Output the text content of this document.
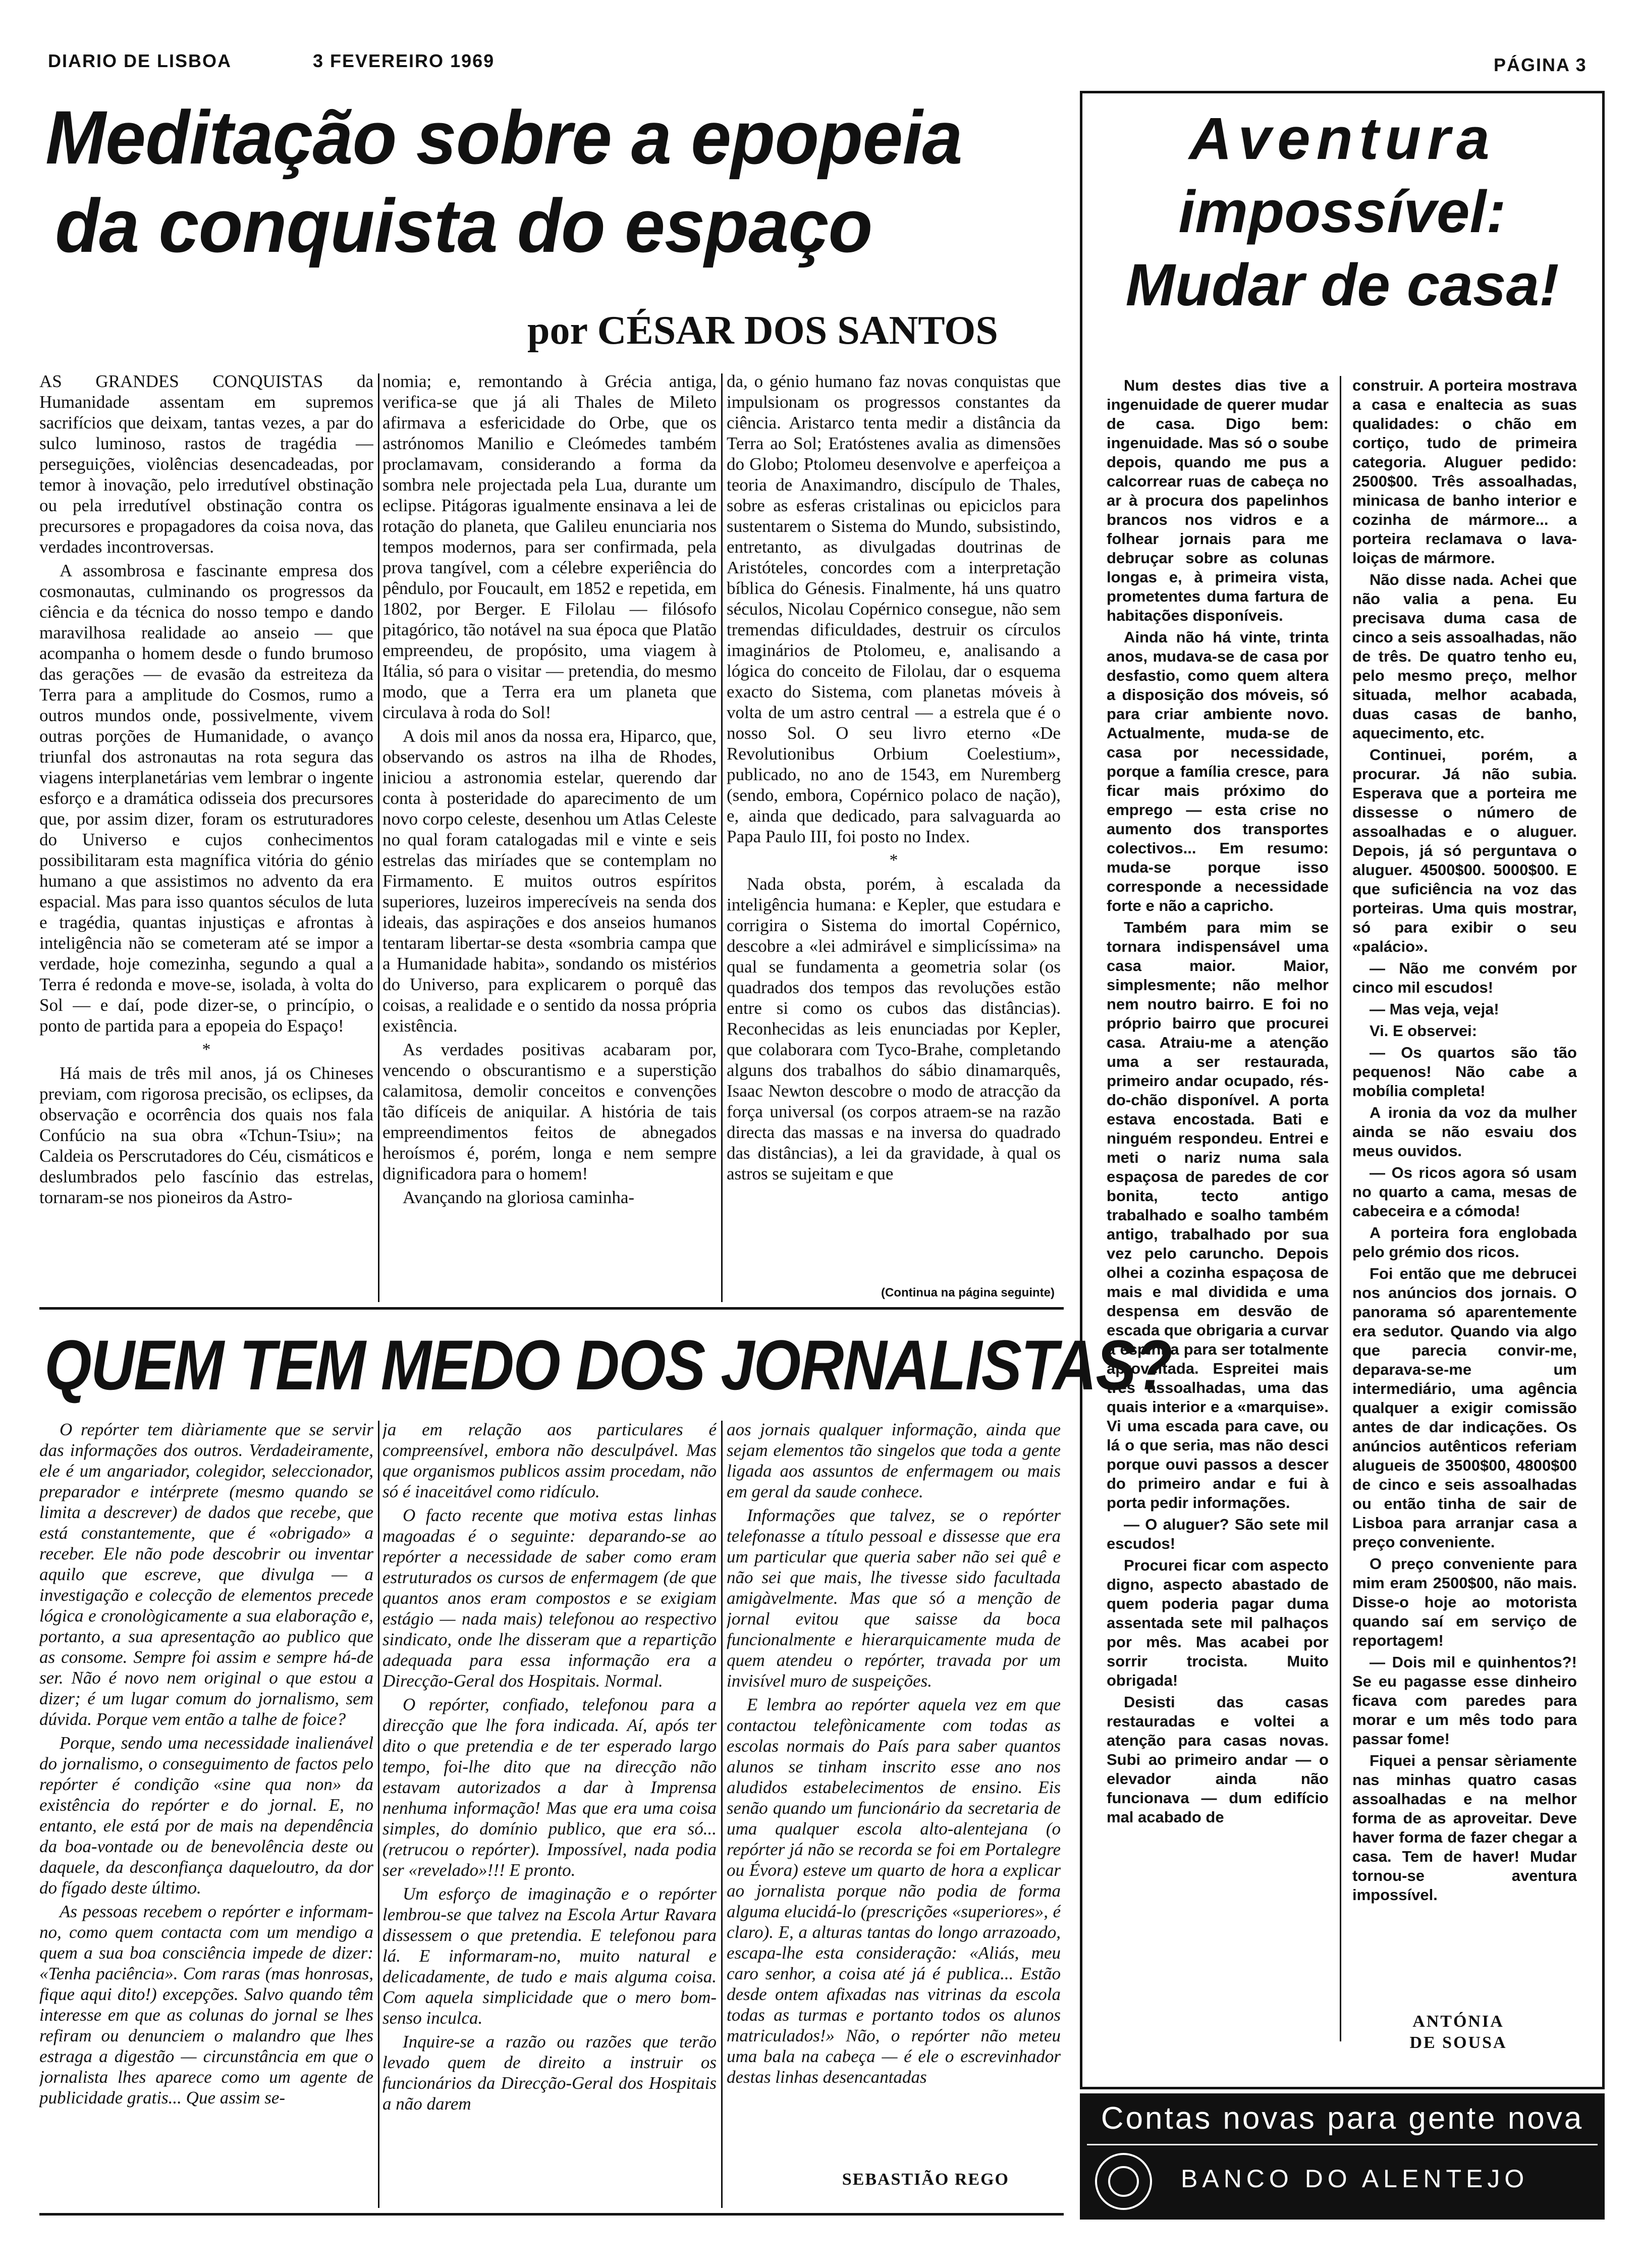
DIARIO DE LISBOA	3 FEVEREIRO 1969	PÁGINA 3
Meditação sobre a epopeia
da conquista do espaço
por CÉSAR DOS SANTOS

AS GRANDES CONQUISTAS da Humanidade assentam em supremos sacrifícios que deixam, tantas vezes, a par do sulco luminoso, rastos de tragédia — perseguições, violências desencadeadas, por temor à inovação, pelo irredutível obstinação ou pela irredutível obstinação contra os precursores e propagadores da coisa nova, das verdades incontroversas.

A assombrosa e fascinante empresa dos cosmonautas, culminando os progressos da ciência e da técnica do nosso tempo e dando maravilhosa realidade ao anseio — que acompanha o homem desde o fundo brumoso das gerações — de evasão da estreiteza da Terra para a amplitude do Cosmos, rumo a outros mundos onde, possivelmente, vivem outras porções de Humanidade, o avanço triunfal dos astronautas na rota segura das viagens interplanetárias vem lembrar o ingente esforço e a dramática odisseia dos precursores que, por assim dizer, foram os estruturadores do Universo e cujos conhecimentos possibilitaram esta magnífica vitória do génio humano a que assistimos no advento da era espacial. Mas para isso quantos séculos de luta e tragédia, quantas injustiças e afrontas à inteligência não se cometeram até se impor a verdade, hoje comezinha, segundo a qual a Terra é redonda e move-se, isolada, à volta do Sol — e daí, pode dizer-se, o princípio, o ponto de partida para a epopeia do Espaço!

*

Há mais de três mil anos, já os Chineses previam, com rigorosa precisão, os eclipses, da observação e ocorrência dos quais nos fala Confúcio na sua obra «Tchun-Tsiu»; na Caldeia os Perscrutadores do Céu, cismáticos e deslumbrados pelo fascínio das estrelas, tornaram-se nos pioneiros da Astro-

nomia; e, remontando à Grécia antiga, verifica-se que já ali Thales de Mileto afirmava a esfericidade do Orbe, que os astrónomos Manilio e Cleómedes também proclamavam, considerando a forma da sombra nele projectada pela Lua, durante um eclipse. Pitágoras igualmente ensinava a lei de rotação do planeta, que Galileu enunciaria nos tempos modernos, para ser confirmada, pela prova tangível, com a célebre experiência do pêndulo, por Foucault, em 1852 e repetida, em 1802, por Berger. E Filolau — filósofo pitagórico, tão notável na sua época que Platão empreendeu, de propósito, uma viagem à Itália, só para o visitar — pretendia, do mesmo modo, que a Terra era um planeta que circulava à roda do Sol!

A dois mil anos da nossa era, Hiparco, que, observando os astros na ilha de Rhodes, iniciou a astronomia estelar, querendo dar conta à posteridade do aparecimento de um novo corpo celeste, desenhou um Atlas Celeste no qual foram catalogadas mil e vinte e seis estrelas das miríades que se contemplam no Firmamento. E muitos outros espíritos superiores, luzeiros imperecíveis na senda dos ideais, das aspirações e dos anseios humanos tentaram libertar-se desta «sombria campa que a Humanidade habita», sondando os mistérios do Universo, para explicarem o porquê das coisas, a realidade e o sentido da nossa própria existência.

As verdades positivas acabaram por, vencendo o obscurantismo e a superstição calamitosa, demolir conceitos e convenções tão difíceis de aniquilar. A história de tais empreendimentos feitos de abnegados heroísmos é, porém, longa e nem sempre dignificadora para o homem!

Avançando na gloriosa caminha-

da, o génio humano faz novas conquistas que impulsionam os progressos constantes da ciência. Aristarco tenta medir a distância da Terra ao Sol; Eratóstenes avalia as dimensões do Globo; Ptolomeu desenvolve e aperfeiçoa a teoria de Anaximandro, discípulo de Thales, sobre as esferas cristalinas ou epiciclos para sustentarem o Sistema do Mundo, subsistindo, entretanto, as divulgadas doutrinas de Aristóteles, concordes com a interpretação bíblica do Génesis. Finalmente, há uns quatro séculos, Nicolau Copérnico consegue, não sem tremendas dificuldades, destruir os círculos imaginários de Ptolomeu, e, analisando a lógica do conceito de Filolau, dar o esquema exacto do Sistema, com planetas móveis à volta de um astro central — a estrela que é o nosso Sol. O seu livro eterno «De Revolutionibus Orbium Coelestium», publicado, no ano de 1543, em Nuremberg (sendo, embora, Copérnico polaco de nação), e, ainda que dedicado, para salvaguarda ao Papa Paulo III, foi posto no Index.

*

Nada obsta, porém, à escalada da inteligência humana: e Kepler, que estudara e corrigira o Sistema do imortal Copérnico, descobre a «lei admirável e simplicíssima» na qual se fundamenta a geometria solar (os quadrados dos tempos das revoluções estão entre si como os cubos das distâncias). Reconhecidas as leis enunciadas por Kepler, que colaborara com Tyco-Brahe, completando alguns dos trabalhos do sábio dinamarquês, Isaac Newton descobre o modo de atracção da força universal (os corpos atraem-se na razão directa das massas e na inversa do quadrado das distâncias), a lei da gravidade, à qual os astros se sujeitam e que

(Continua na página seguinte)
QUEM TEM MEDO DOS JORNALISTAS?

O repórter tem diàriamente que se servir das informações dos outros. Verdadeiramente, ele é um angariador, colegidor, seleccionador, preparador e intérprete (mesmo quando se limita a descrever) de dados que recebe, que está constantemente, que é «obrigado» a receber. Ele não pode descobrir ou inventar aquilo que escreve, que divulga — a investigação e colecção de elementos precede lógica e cronològicamente a sua elaboração e, portanto, a sua apresentação ao publico que as consome. Sempre foi assim e sempre há-de ser. Não é novo nem original o que estou a dizer; é um lugar comum do jornalismo, sem dúvida. Porque vem então a talhe de foice?

Porque, sendo uma necessidade inalienável do jornalismo, o conseguimento de factos pelo repórter é condição «sine qua non» da existência do repórter e do jornal. E, no entanto, ele está por de mais na dependência da boa-vontade ou de benevolência deste ou daquele, da desconfiança daqueloutro, da dor do fígado deste último.

As pessoas recebem o repórter e informam-no, como quem contacta com um mendigo a quem a sua boa consciência impede de dizer: «Tenha paciência». Com raras (mas honrosas, fique aqui dito!) excepções. Salvo quando têm interesse em que as colunas do jornal se lhes refiram ou denunciem o malandro que lhes estraga a digestão — circunstância em que o jornalista lhes aparece como um agente de publicidade gratis... Que assim se-

ja em relação aos particulares é compreensível, embora não desculpável. Mas que organismos publicos assim procedam, não só é inaceitável como ridículo.

O facto recente que motiva estas linhas magoadas é o seguinte: deparando-se ao repórter a necessidade de saber como eram estruturados os cursos de enfermagem (de que quantos anos eram compostos e se exigiam estágio — nada mais) telefonou ao respectivo sindicato, onde lhe disseram que a repartição adequada para essa informação era a Direcção-Geral dos Hospitais. Normal.

O repórter, confiado, telefonou para a direcção que lhe fora indicada. Aí, após ter dito o que pretendia e de ter esperado largo tempo, foi-lhe dito que na direcção não estavam autorizados a dar à Imprensa nenhuma informação! Mas que era uma coisa simples, do domínio publico, que era só... (retrucou o repórter). Impossível, nada podia ser «revelado»!!! E pronto.

Um esforço de imaginação e o repórter lembrou-se que talvez na Escola Artur Ravara dissessem o que pretendia. E telefonou para lá. E informaram-no, muito natural e delicadamente, de tudo e mais alguma coisa. Com aquela simplicidade que o mero bom-senso inculca.

Inquire-se a razão ou razões que terão levado quem de direito a instruir os funcionários da Direcção-Geral dos Hospitais a não darem

aos jornais qualquer informação, ainda que sejam elementos tão singelos que toda a gente ligada aos assuntos de enfermagem ou mais em geral da saude conhece.

Informações que talvez, se o repórter telefonasse a título pessoal e dissesse que era um particular que queria saber não sei quê e não sei que mais, lhe tivesse sido facultada amigàvelmente. Mas que só a menção de jornal evitou que saisse da boca funcionalmente e hierarquicamente muda de quem atendeu o repórter, travada por um invisível muro de suspeições.

E lembra ao repórter aquela vez em que contactou telefònicamente com todas as escolas normais do País para saber quantos alunos se tinham inscrito esse ano nos aludidos estabelecimentos de ensino. Eis senão quando um funcionário da secretaria de uma qualquer escola alto-alentejana (o repórter já não se recorda se foi em Portalegre ou Évora) esteve um quarto de hora a explicar ao jornalista porque não podia de forma alguma elucidá-lo (prescrições «superiores», é claro). E, a alturas tantas do longo arrazoado, escapa-lhe esta consideração: «Aliás, meu caro senhor, a coisa até já é publica... Estão desde ontem afixadas nas vitrinas da escola todas as turmas e portanto todos os alunos matriculados!» Não, o repórter não meteu uma bala na cabeça — é ele o escrevinhador destas linhas desencantadas

SEBASTIÃO REGO
Aventura
impossível:
Mudar de casa!

Num destes dias tive a ingenuidade de querer mudar de casa. Digo bem: ingenuidade. Mas só o soube depois, quando me pus a calcorrear ruas de cabeça no ar à procura dos papelinhos brancos nos vidros e a folhear jornais para me debruçar sobre as colunas longas e, à primeira vista, prometentes duma fartura de habitações disponíveis.

Ainda não há vinte, trinta anos, mudava-se de casa por desfastio, como quem altera a disposição dos móveis, só para criar ambiente novo. Actualmente, muda-se de casa por necessidade, porque a família cresce, para ficar mais próximo do emprego — esta crise no aumento dos transportes colectivos... Em resumo: muda-se porque isso corresponde a necessidade forte e não a capricho.

Também para mim se tornara indispensável uma casa maior. Maior, simplesmente; não melhor nem noutro bairro. E foi no próprio bairro que procurei casa. Atraiu-me a atenção uma a ser restaurada, primeiro andar ocupado, rés-do-chão disponível. A porta estava encostada. Bati e ninguém respondeu. Entrei e meti o nariz numa sala espaçosa de paredes de cor bonita, tecto antigo trabalhado e soalho também antigo, trabalhado por sua vez pelo caruncho. Depois olhei a cozinha espaçosa de mais e mal dividida e uma despensa em desvão de escada que obrigaria a curvar a espinha para ser totalmente aproveitada. Espreitei mais três assoalhadas, uma das quais interior e a «marquise». Vi uma escada para cave, ou lá o que seria, mas não desci porque ouvi passos a descer do primeiro andar e fui à porta pedir informações.

— O aluguer? São sete mil escudos!

Procurei ficar com aspecto digno, aspecto abastado de quem poderia pagar duma assentada sete mil palhaços por mês. Mas acabei por sorrir trocista. Muito obrigada!

Desisti das casas restauradas e voltei a atenção para casas novas. Subi ao primeiro andar — o elevador ainda não funcionava — dum edifício mal acabado de

construir. A porteira mostrava a casa e enaltecia as suas qualidades: o chão em cortiço, tudo de primeira categoria. Aluguer pedido: 2500$00. Três assoalhadas, minicasa de banho interior e cozinha de mármore... a porteira reclamava o lava-loiças de mármore.

Não disse nada. Achei que não valia a pena. Eu precisava duma casa de cinco a seis assoalhadas, não de três. De quatro tenho eu, pelo mesmo preço, melhor situada, melhor acabada, duas casas de banho, aquecimento, etc.

Continuei, porém, a procurar. Já não subia. Esperava que a porteira me dissesse o número de assoalhadas e o aluguer. Depois, já só perguntava o aluguer. 4500$00. 5000$00. E que suficiência na voz das porteiras. Uma quis mostrar, só para exibir o seu «palácio».

— Não me convém por cinco mil escudos!

— Mas veja, veja!

Vi. E observei:

— Os quartos são tão pequenos! Não cabe a mobília completa!

A ironia da voz da mulher ainda se não esvaiu dos meus ouvidos.

— Os ricos agora só usam no quarto a cama, mesas de cabeceira e a cómoda!

A porteira fora englobada pelo grémio dos ricos.

Foi então que me debrucei nos anúncios dos jornais. O panorama só aparentemente era sedutor. Quando via algo que parecia convir-me, deparava-se-me um intermediário, uma agência qualquer a exigir comissão antes de dar indicações. Os anúncios autênticos referiam alugueis de 3500$00, 4800$00 de cinco e seis assoalhadas ou então tinha de sair de Lisboa para arranjar casa a preço conveniente.

O preço conveniente para mim eram 2500$00, não mais. Disse-o hoje ao motorista quando saí em serviço de reportagem!

— Dois mil e quinhentos?! Se eu pagasse esse dinheiro ficava com paredes para morar e um mês todo para passar fome!

Fiquei a pensar sèriamente nas minhas quatro casas assoalhadas e na melhor forma de as aproveitar. Deve haver forma de fazer chegar a casa. Tem de haver! Mudar tornou-se aventura impossível.

ANTÓNIA
DE SOUSA
Contas novas para gente nova
BANCO DO ALENTEJO
